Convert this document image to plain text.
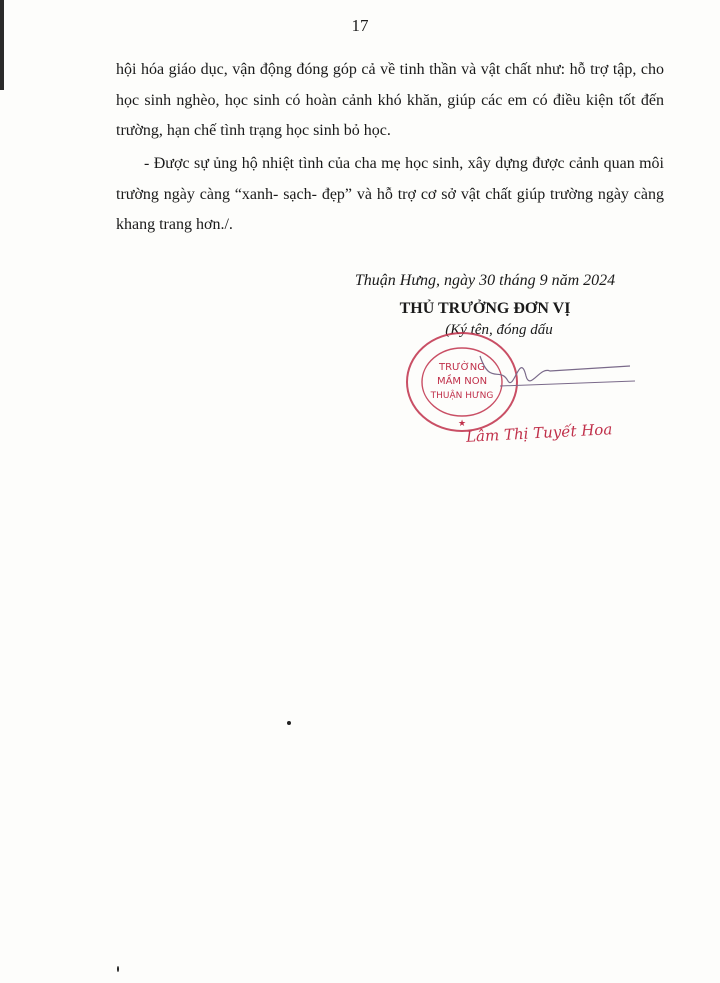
17
hội hóa giáo dục, vận động đóng góp cả về tinh thần và vật chất như: hỗ trợ tập, cho học sinh nghèo, học sinh có hoàn cảnh khó khăn, giúp các em có điều kiện tốt đến trường, hạn chế tình trạng học sinh bỏ học.
- Được sự ủng hộ nhiệt tình của cha mẹ học sinh, xây dựng được cảnh quan môi trường ngày càng “xanh- sạch- đẹp” và hỗ trợ cơ sở vật chất giúp trường ngày càng khang trang hơn./.
Thuận Hưng, ngày 30 tháng 9 năm 2024
THỦ TRƯỞNG ĐƠN VỊ
(Ký tên, đóng dấu
TRƯỜNG
MẦM NON
THUẬN HƯNG
★ Lâm Thị Tuyết Hoa
